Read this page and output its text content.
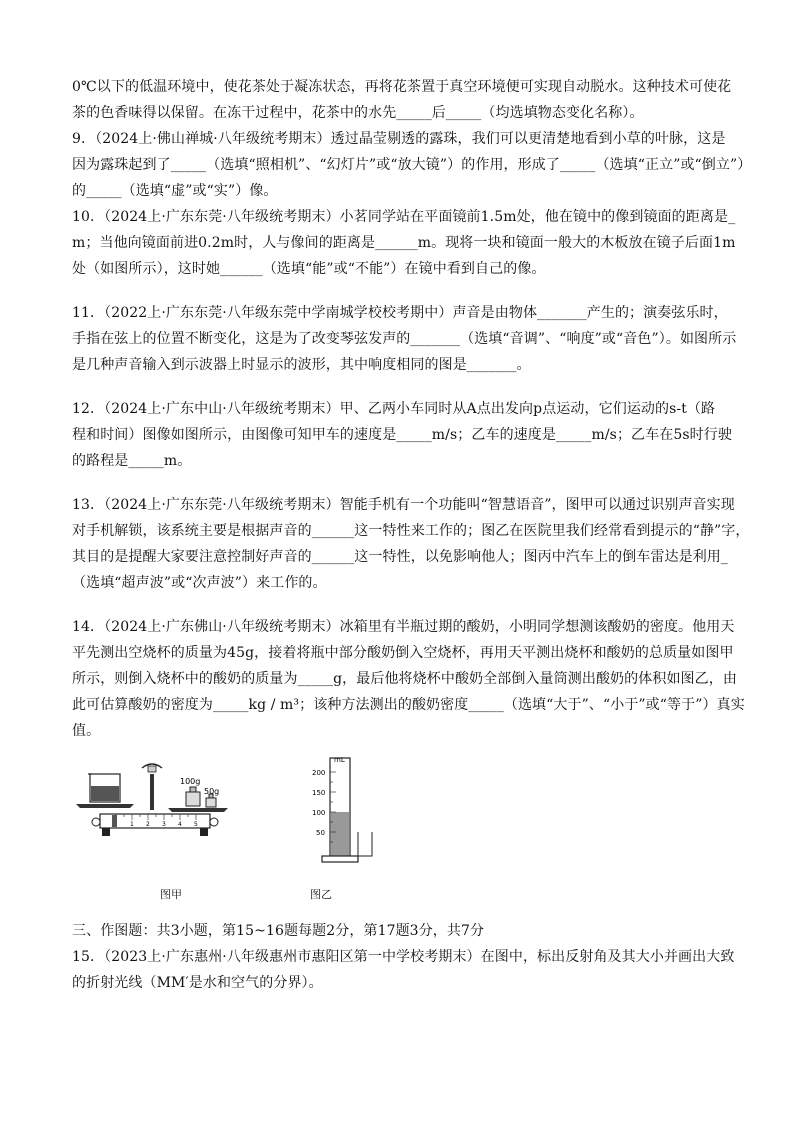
0℃以下的低温环境中，使花茶处于凝冻状态，再将花茶置于真空环境便可实现自动脱水。这种技术可使花
茶的色香味得以保留。在冻干过程中，花茶中的水先_____后_____（均选填物态变化名称）。
9．（2024上·佛山禅城·八年级统考期末）透过晶莹剔透的露珠，我们可以更清楚地看到小草的叶脉，这是
因为露珠起到了_____（选填“照相机”、“幻灯片”或“放大镜”）的作用，形成了_____（选填“正立”或“倒立”）
的_____（选填“虚”或“实”）像。
10．（2024上·广东东莞·八年级统考期末）小茗同学站在平面镜前1.5m处，他在镜中的像到镜面的距离是_
m；当他向镜面前进0.2m时，人与像间的距离是______m。现将一块和镜面一般大的木板放在镜子后面1m
处（如图所示），这时她______（选填“能”或“不能”）在镜中看到自己的像。
11．（2022上·广东东莞·八年级东莞中学南城学校校考期中）声音是由物体_______产生的；演奏弦乐时，
手指在弦上的位置不断变化，这是为了改变琴弦发声的_______（选填“音调”、“响度”或“音色”）。如图所示
是几种声音输入到示波器上时显示的波形，其中响度相同的图是_______。
12．（2024上·广东中山·八年级统考期末）甲、乙两小车同时从A点出发向p点运动，它们运动的s-t（路
程和时间）图像如图所示，由图像可知甲车的速度是_____m/s；乙车的速度是_____m/s；乙车在5s时行驶
的路程是_____m。
13．（2024上·广东东莞·八年级统考期末）智能手机有一个功能叫“智慧语音”，图甲可以通过识别声音实现
对手机解锁，该系统主要是根据声音的______这一特性来工作的；图乙在医院里我们经常看到提示的“静”字，
其目的是提醒大家要注意控制好声音的______这一特性，以免影响他人；图丙中汽车上的倒车雷达是利用_
（选填“超声波”或“次声波”）来工作的。
14．（2024上·广东佛山·八年级统考期末）冰箱里有半瓶过期的酸奶，小明同学想测该酸奶的密度。他用天
平先测出空烧杯的质量为45g，接着将瓶中部分酸奶倒入空烧杯，再用天平测出烧杯和酸奶的总质量如图甲
所示，则倒入烧杯中的酸奶的质量为_____g，最后他将烧杯中酸奶全部倒入量筒测出酸奶的体积如图乙，由
此可估算酸奶的密度为_____kg / m³；该种方法测出的酸奶密度_____（选填“大于”、“小于”或“等于”）真实
值。
100g
50g
1 2 3 4 5
图甲
mL
200
150
100
50
图乙
三、作图题：共3小题，第15~16题每题2分，第17题3分，共7分
15．（2023上·广东惠州·八年级惠州市惠阳区第一中学校考期末）在图中，标出反射角及其大小并画出大致
的折射光线（MM′是水和空气的分界）。
